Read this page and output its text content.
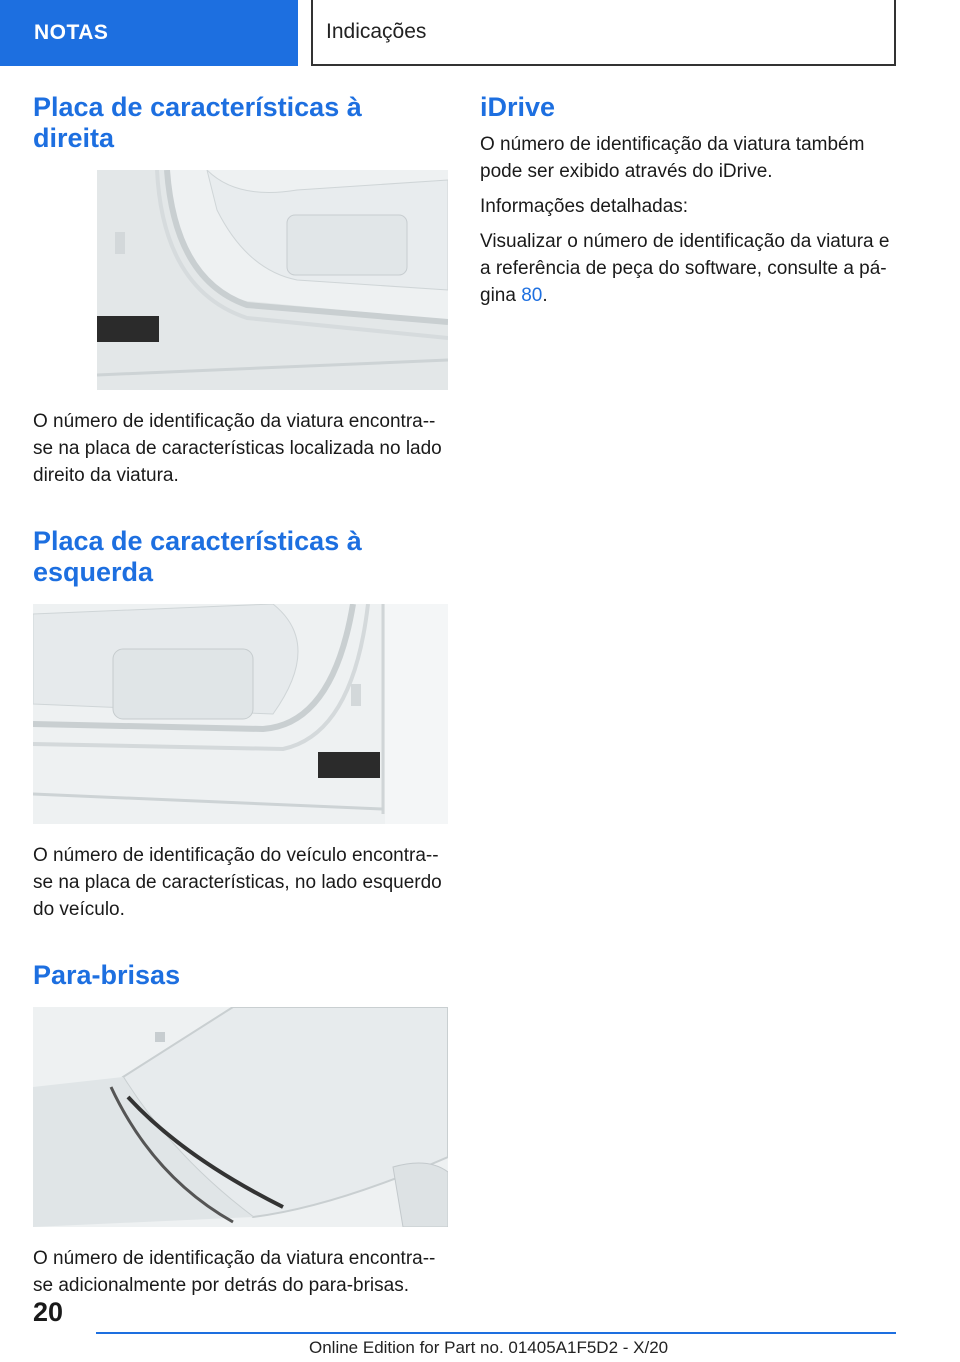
NOTAS	Indicações
Placa de características à direita

O número de identificação da viatura encontra--se na placa de características localizada no lado direito da viatura.

Placa de características à esquerda

O número de identificação do veículo encontra--se na placa de características, no lado esquerdo do veículo.

Para-brisas

O número de identificação da viatura encontra--se adicionalmente por detrás do para-brisas.

iDrive

O número de identificação da viatura também pode ser exibido através do iDrive.

Informações detalhadas:

Visualizar o número de identificação da viatura e a referência de peça do software, consulte a pá-gina 80.

20
Online Edition for Part no. 01405A1F5D2 - X/20
